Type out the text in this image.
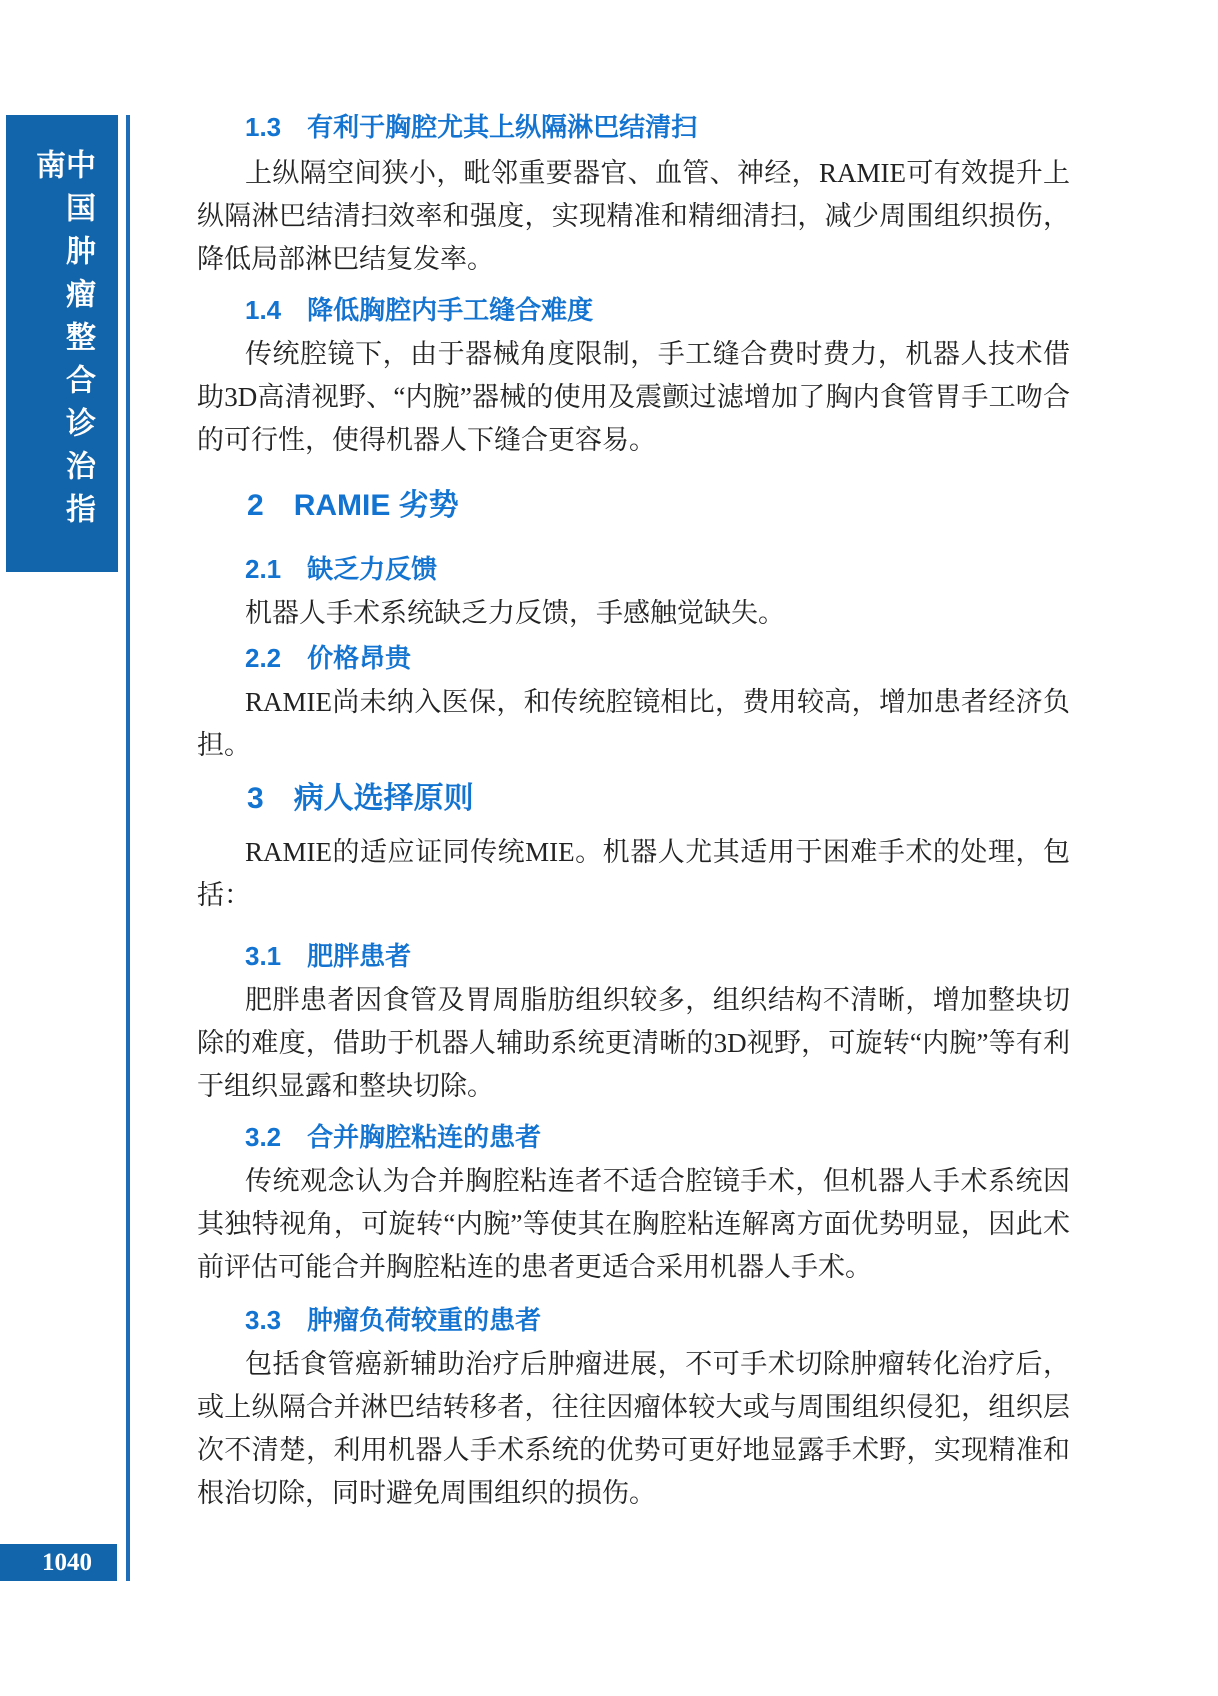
中国肿瘤整合诊治指南
1040
1.3 有利于胸腔尤其上纵隔淋巴结清扫

上纵隔空间狭小，毗邻重要器官、血管、神经，RAMIE可有效提升上纵隔淋巴结清扫效率和强度，实现精准和精细清扫，减少周围组织损伤，降低局部淋巴结复发率。

1.4 降低胸腔内手工缝合难度

传统腔镜下，由于器械角度限制，手工缝合费时费力，机器人技术借助3D高清视野、“内腕”器械的使用及震颤过滤增加了胸内食管胃手工吻合的可行性，使得机器人下缝合更容易。

2 RAMIE 劣势
2.1 缺乏力反馈

机器人手术系统缺乏力反馈，手感触觉缺失。

2.2 价格昂贵

RAMIE尚未纳入医保，和传统腔镜相比，费用较高，增加患者经济负担。

3 病人选择原则

RAMIE的适应证同传统MIE。机器人尤其适用于困难手术的处理，包括：

3.1 肥胖患者

肥胖患者因食管及胃周脂肪组织较多，组织结构不清晰，增加整块切除的难度，借助于机器人辅助系统更清晰的3D视野，可旋转“内腕”等有利于组织显露和整块切除。

3.2 合并胸腔粘连的患者

传统观念认为合并胸腔粘连者不适合腔镜手术，但机器人手术系统因其独特视角，可旋转“内腕”等使其在胸腔粘连解离方面优势明显，因此术前评估可能合并胸腔粘连的患者更适合采用机器人手术。

3.3 肿瘤负荷较重的患者

包括食管癌新辅助治疗后肿瘤进展，不可手术切除肿瘤转化治疗后，或上纵隔合并淋巴结转移者，往往因瘤体较大或与周围组织侵犯，组织层次不清楚，利用机器人手术系统的优势可更好地显露手术野，实现精准和根治切除，同时避免周围组织的损伤。
